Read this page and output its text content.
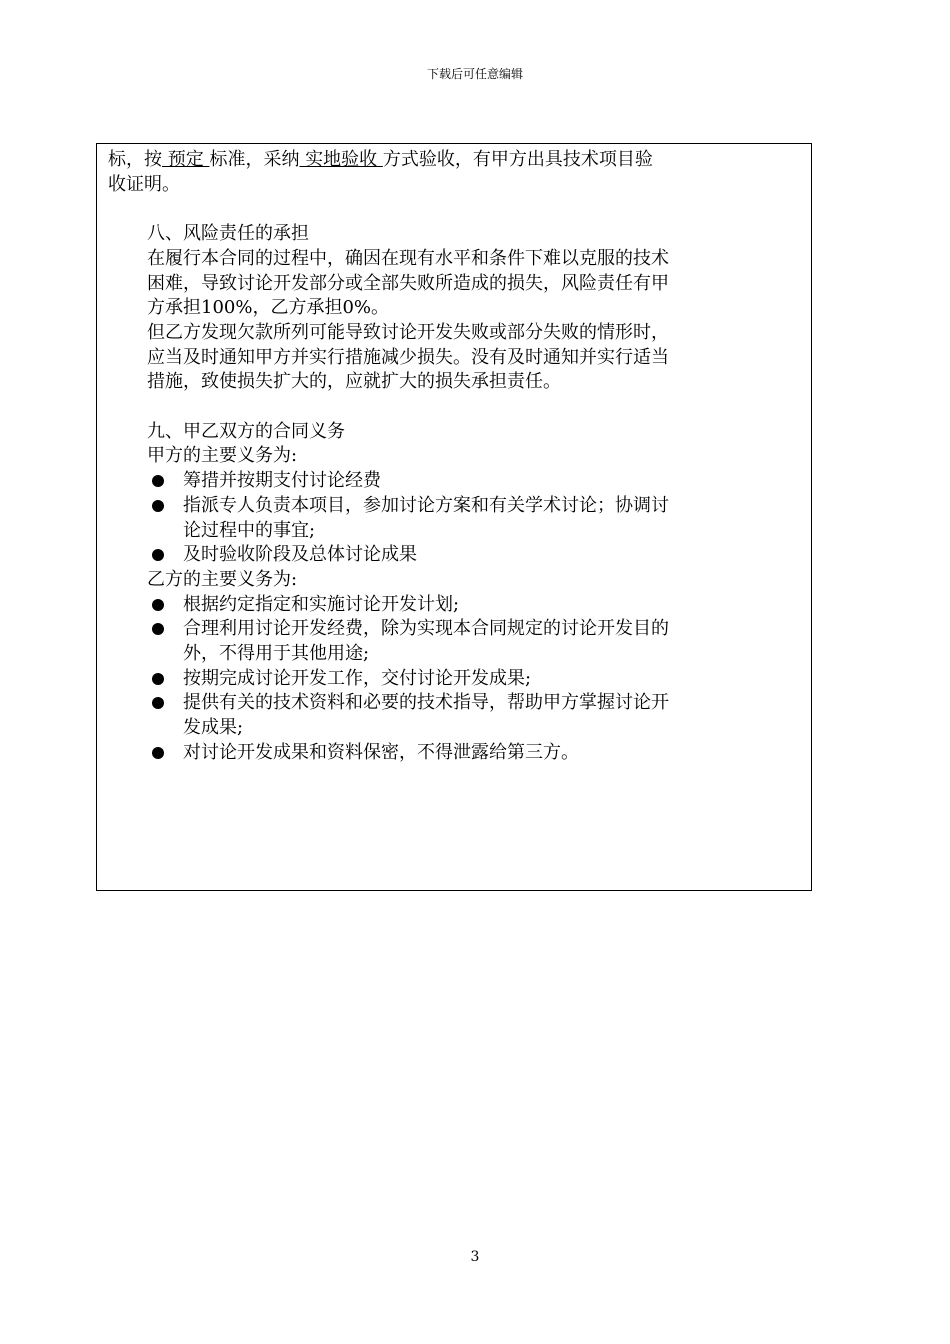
下载后可任意编辑

标，按 预定 标准，采纳 实地验收 方式验收，有甲方出具技术项目验

收证明。

八、风险责任的承担

在履行本合同的过程中，确因在现有水平和条件下难以克服的技术

困难，导致讨论开发部分或全部失败所造成的损失，风险责任有甲

方承担100%，乙方承担0%。

但乙方发现欠款所列可能导致讨论开发失败或部分失败的情形时，

应当及时通知甲方并实行措施减少损失。没有及时通知并实行适当

措施，致使损失扩大的，应就扩大的损失承担责任。

九、甲乙双方的合同义务

甲方的主要义务为:

筹措并按期支付讨论经费

指派专人负责本项目，参加讨论方案和有关学术讨论；协调讨

论过程中的事宜;

及时验收阶段及总体讨论成果

乙方的主要义务为:

根据约定指定和实施讨论开发计划;

合理利用讨论开发经费，除为实现本合同规定的讨论开发目的

外，不得用于其他用途;

按期完成讨论开发工作，交付讨论开发成果;

提供有关的技术资料和必要的技术指导，帮助甲方掌握讨论开

发成果;

对讨论开发成果和资料保密，不得泄露给第三方。

3
